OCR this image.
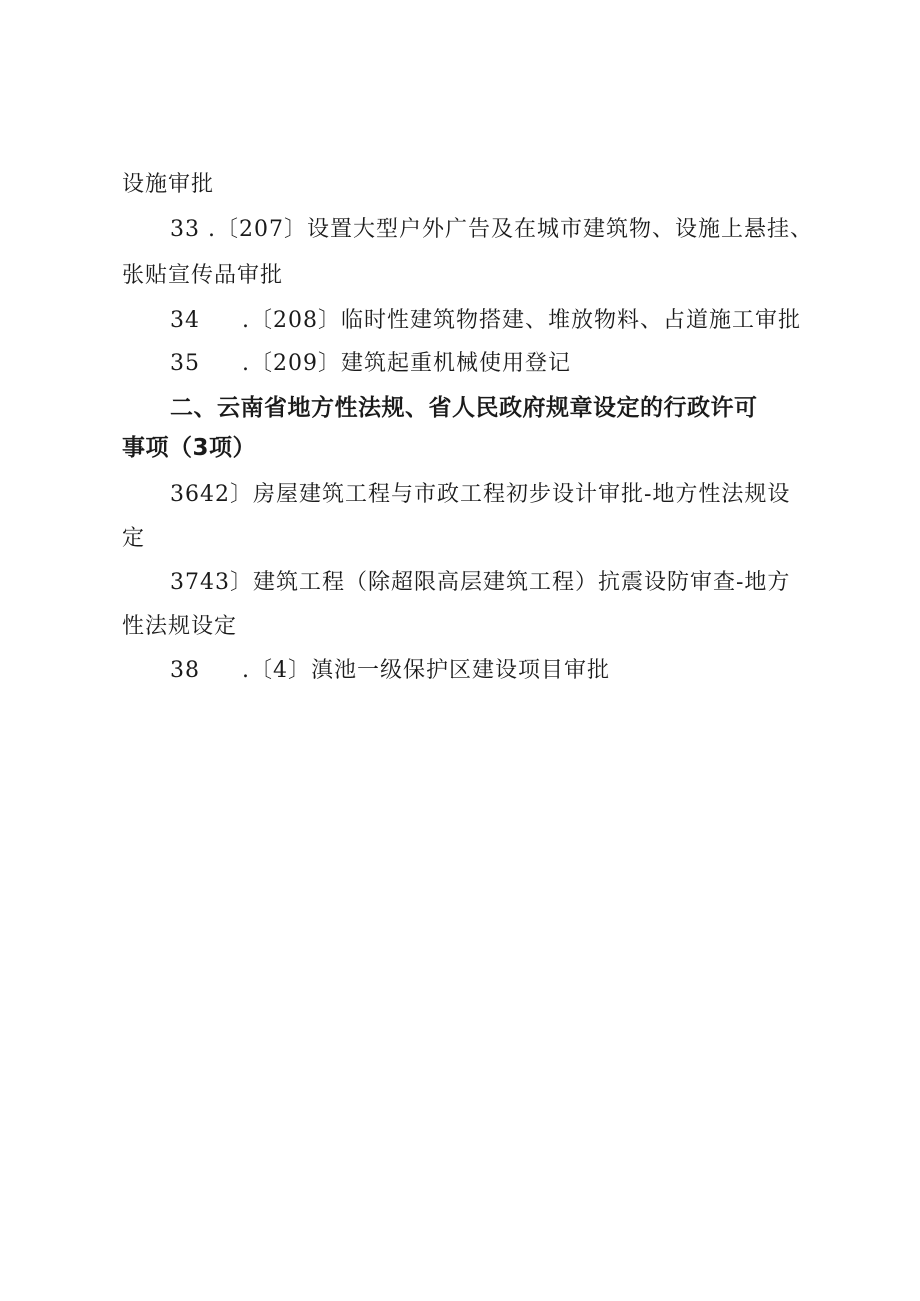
设施审批
33 .〔207〕设置大型户外广告及在城市建筑物、设施上悬挂、
张贴宣传品审批
34 .〔208〕临时性建筑物搭建、堆放物料、占道施工审批
35 .〔209〕建筑起重机械使用登记
二、云南省地方性法规、省人民政府规章设定的行政许可
事项（3项）
3642〕房屋建筑工程与市政工程初步设计审批-地方性法规设
定
3743〕建筑工程（除超限高层建筑工程）抗震设防审查-地方
性法规设定
38 .〔4〕滇池一级保护区建设项目审批
